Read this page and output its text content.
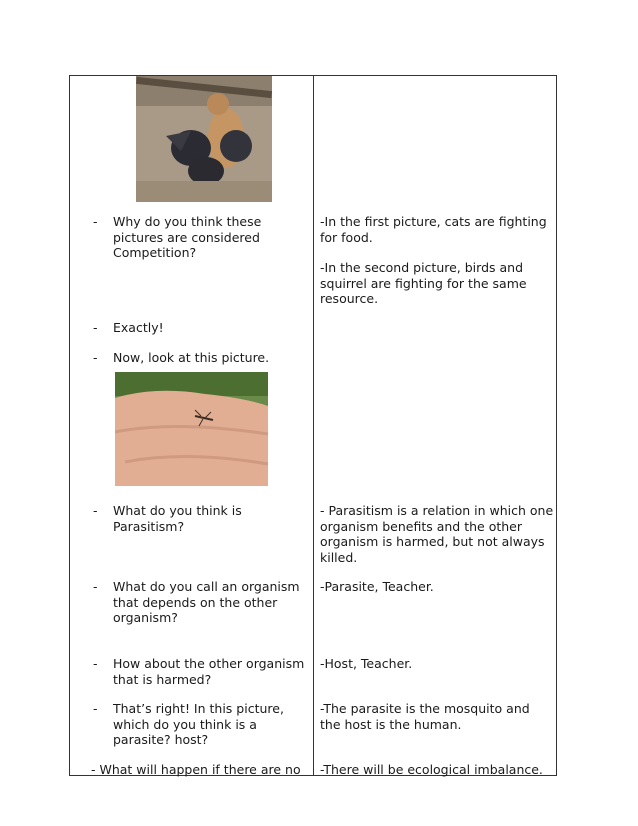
- Why do you think these pictures are considered Competition?
- Exactly!
- Now, look at this picture.
- What do you think is Parasitism?
- What do you call an organism that depends on the other organism?
- How about the other organism that is harmed?
- That’s right! In this picture, which do you think is a parasite? host?
- What will happen if there are no
-In the first picture, cats are fighting for food.
-In the second picture, birds and squirrel are fighting for the same resource.
- Parasitism is a relation in which one organism benefits and the other organism is harmed, but not always killed.
-Parasite, Teacher.
-Host, Teacher.
-The parasite is the mosquito and the host is the human.
-There will be ecological imbalance.
